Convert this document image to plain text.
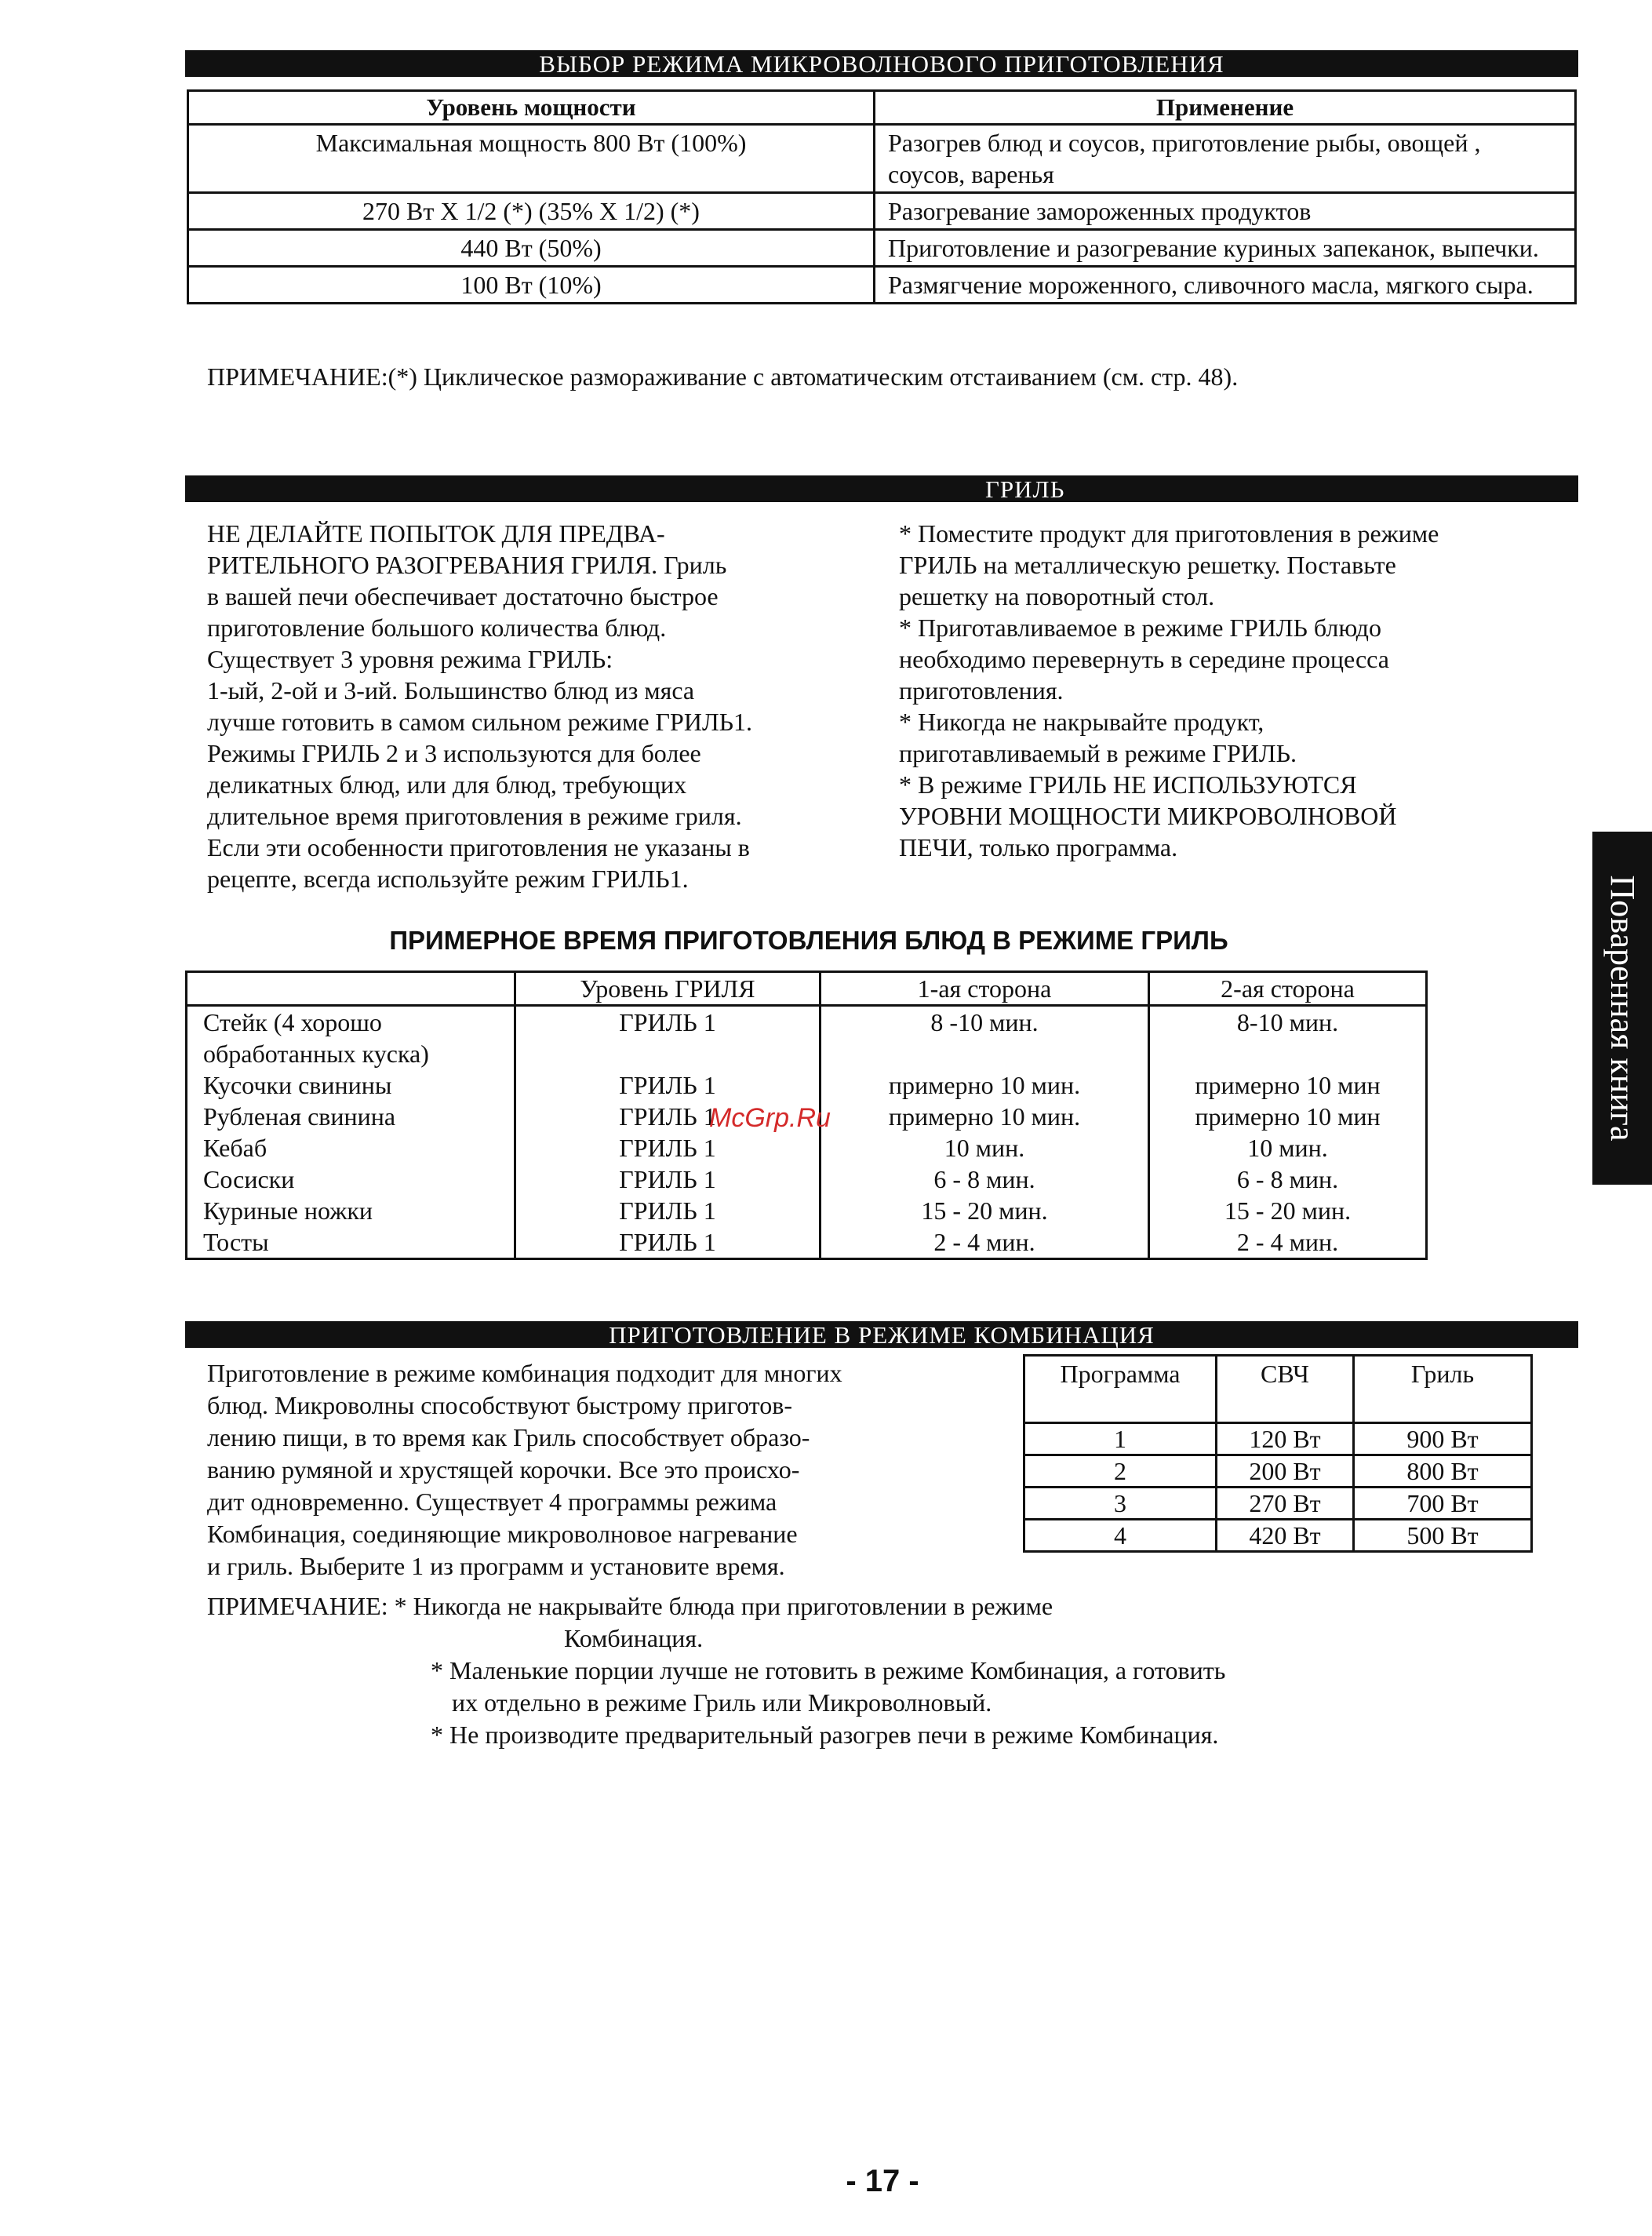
ВЫБОР РЕЖИМА МИКРОВОЛНОВОГО ПРИГОТОВЛЕНИЯ
Уровень мощности	Применение
Максимальная мощность 800 Вт (100%)	Разогрев блюд и соусов, приготовление рыбы, овощей , соусов, варенья
270 Вт X 1/2 (*) (35% X 1/2) (*)	Разогревание замороженных продуктов
440 Вт (50%)	Приготовление и разогревание куриных запеканок, выпечки.
100 Вт (10%)	Размягчение мороженного, сливочного масла, мягкого сыра.
ПРИМЕЧАНИЕ:(*) Циклическое размораживание с автоматическим отстаиванием (см. стр. 48).
ГРИЛЬ

НЕ ДЕЛАЙТЕ ПОПЫТОК ДЛЯ ПРЕДВА-

РИТЕЛЬНОГО РАЗОГРЕВАНИЯ ГРИЛЯ. Гриль

в вашей печи обеспечивает достаточно быстрое

приготовление большого количества блюд.

Существует 3 уровня режима ГРИЛЬ:

1-ый, 2-ой и 3-ий. Большинство блюд из мяса

лучше готовить в самом сильном режиме ГРИЛЬ1.

Режимы ГРИЛЬ 2 и 3 используются для более

деликатных блюд, или для блюд, требующих

длительное время приготовления в режиме гриля.

Если эти особенности приготовления не указаны в

рецепте, всегда используйте режим ГРИЛЬ1.

* Поместите продукт для приготовления в режиме

ГРИЛЬ на металлическую решетку. Поставьте

решетку на поворотный стол.

* Приготавливаемое в режиме ГРИЛЬ блюдо

необходимо перевернуть в середине процесса

приготовления.

* Никогда не накрывайте продукт,

приготавливаемый в режиме ГРИЛЬ.

* В режиме ГРИЛЬ НЕ ИСПОЛЬЗУЮТСЯ

УРОВНИ МОЩНОСТИ МИКРОВОЛНОВОЙ

ПЕЧИ, только программа.

ПРИМЕРНОЕ ВРЕМЯ ПРИГОТОВЛЕНИЯ БЛЮД В РЕЖИМЕ ГРИЛЬ
	Уровень ГРИЛЯ	1-ая сторона	2-ая сторона
Стейк (4 хорошо	ГРИЛЬ 1	8 -10 мин.	8-10 мин.
обработанных куска)			
Кусочки свинины	ГРИЛЬ 1	примерно 10 мин.	примерно 10 мин
Рубленая свинина	ГРИЛЬ 1	примерно 10 мин.	примерно 10 мин
Кебаб	ГРИЛЬ 1	10 мин.	10 мин.
Сосиски	ГРИЛЬ 1	6 - 8 мин.	6 - 8 мин.
Куриные ножки	ГРИЛЬ 1	15 - 20 мин.	15 - 20 мин.
Тосты	ГРИЛЬ 1	2 - 4 мин.	2 - 4 мин.
McGrp.Ru
ПРИГОТОВЛЕНИЕ В РЕЖИМЕ КОМБИНАЦИЯ
Приготовление в режиме комбинация подходит для многих
блюд. Микроволны способствуют быстрому приготов-
лению пищи, в то время как Гриль способствует образо-
ванию румяной и хрустящей корочки. Все это происхо-
дит одновременно. Существует 4 программы режима
Комбинация, соединяющие микроволновое нагревание
и гриль. Выберите 1 из программ и установите время.
Программа	СВЧ	Гриль
1	120 Вт	900 Вт
2	200 Вт	800 Вт
3	270 Вт	700 Вт
4	420 Вт	500 Вт
ПРИМЕЧАНИЕ: * Никогда не накрывайте блюда при приготовлении в режиме
Комбинация.
* Маленькие порции лучше не готовить в режиме Комбинация, а готовить
их отдельно в режиме Гриль или Микроволновый.
* Не производите предварительный разогрев печи в режиме Комбинация.
Поваренная книга
- 17 -
